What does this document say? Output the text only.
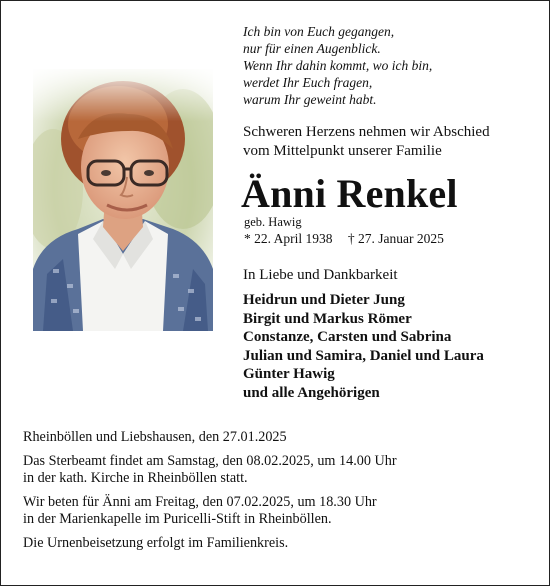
Ich bin von Euch gegangen,
nur für einen Augenblick.
Wenn Ihr dahin kommt, wo ich bin,
werdet Ihr Euch fragen,
warum Ihr geweint habt.
Schweren Herzens nehmen wir Abschied
vom Mittelpunkt unserer Familie
Änni Renkel
geb. Hawig
* 22. April 1938 † 27. Januar 2025
In Liebe und Dankbarkeit
Heidrun und Dieter Jung
Birgit und Markus Römer
Constanze, Carsten und Sabrina
Julian und Samira, Daniel und Laura
Günter Hawig
und alle Angehörigen

Rheinböllen und Liebshausen, den 27.01.2025

Das Sterbeamt findet am Samstag, den 08.02.2025, um 14.00 Uhr
in der kath. Kirche in Rheinböllen statt.

Wir beten für Änni am Freitag, den 07.02.2025, um 18.30 Uhr
in der Marienkapelle im Puricelli-Stift in Rheinböllen.

Die Urnenbeisetzung erfolgt im Familienkreis.
